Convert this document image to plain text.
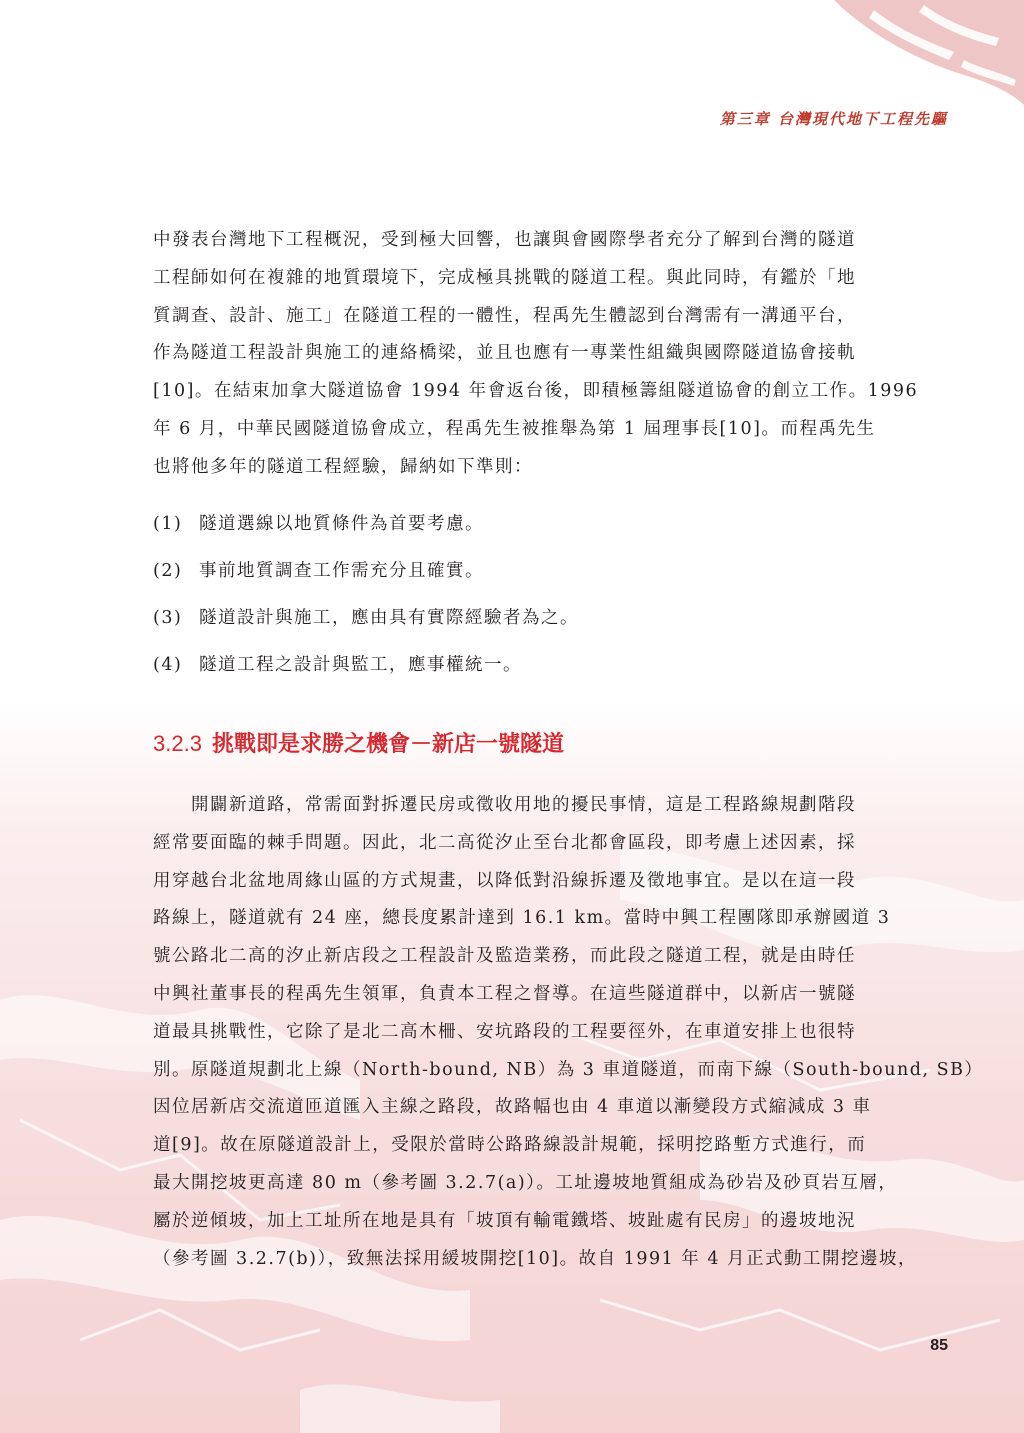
第三章 台灣現代地下工程先驅

中發表台灣地下工程概況，受到極大回響，也讓與會國際學者充分了解到台灣的隧道

工程師如何在複雜的地質環境下，完成極具挑戰的隧道工程。與此同時，有鑑於「地

質調查、設計、施工」在隧道工程的一體性，程禹先生體認到台灣需有一溝通平台，

作為隧道工程設計與施工的連絡橋梁，並且也應有一專業性組織與國際隧道協會接軌

[10]。在結束加拿大隧道協會 1994 年會返台後，即積極籌組隧道協會的創立工作。1996

年 6 月，中華民國隧道協會成立，程禹先生被推舉為第 1 屆理事長[10]。而程禹先生

也將他多年的隧道工程經驗，歸納如下準則：

(1) 隧道選線以地質條件為首要考慮。
(2) 事前地質調查工作需充分且確實。
(3) 隧道設計與施工，應由具有實際經驗者為之。
(4) 隧道工程之設計與監工，應事權統一。
3.2.3 挑戰即是求勝之機會－新店一號隧道

　　開闢新道路，常需面對拆遷民房或徵收用地的擾民事情，這是工程路線規劃階段

經常要面臨的棘手問題。因此，北二高從汐止至台北都會區段，即考慮上述因素，採

用穿越台北盆地周緣山區的方式規畫，以降低對沿線拆遷及徵地事宜。是以在這一段

路線上，隧道就有 24 座，總長度累計達到 16.1 km。當時中興工程團隊即承辦國道 3

號公路北二高的汐止新店段之工程設計及監造業務，而此段之隧道工程，就是由時任

中興社董事長的程禹先生領軍，負責本工程之督導。在這些隧道群中，以新店一號隧

道最具挑戰性，它除了是北二高木柵、安坑路段的工程要徑外，在車道安排上也很特

別。原隧道規劃北上線（North-bound, NB）為 3 車道隧道，而南下線（South-bound, SB）

因位居新店交流道匝道匯入主線之路段，故路幅也由 4 車道以漸變段方式縮減成 3 車

道[9]。故在原隧道設計上，受限於當時公路路線設計規範，採明挖路塹方式進行，而

最大開挖坡更高達 80 m（參考圖 3.2.7(a)）。工址邊坡地質組成為砂岩及砂頁岩互層，

屬於逆傾坡，加上工址所在地是具有「坡頂有輸電鐵塔、坡趾處有民房」的邊坡地況

（參考圖 3.2.7(b)），致無法採用緩坡開挖[10]。故自 1991 年 4 月正式動工開挖邊坡，

85
